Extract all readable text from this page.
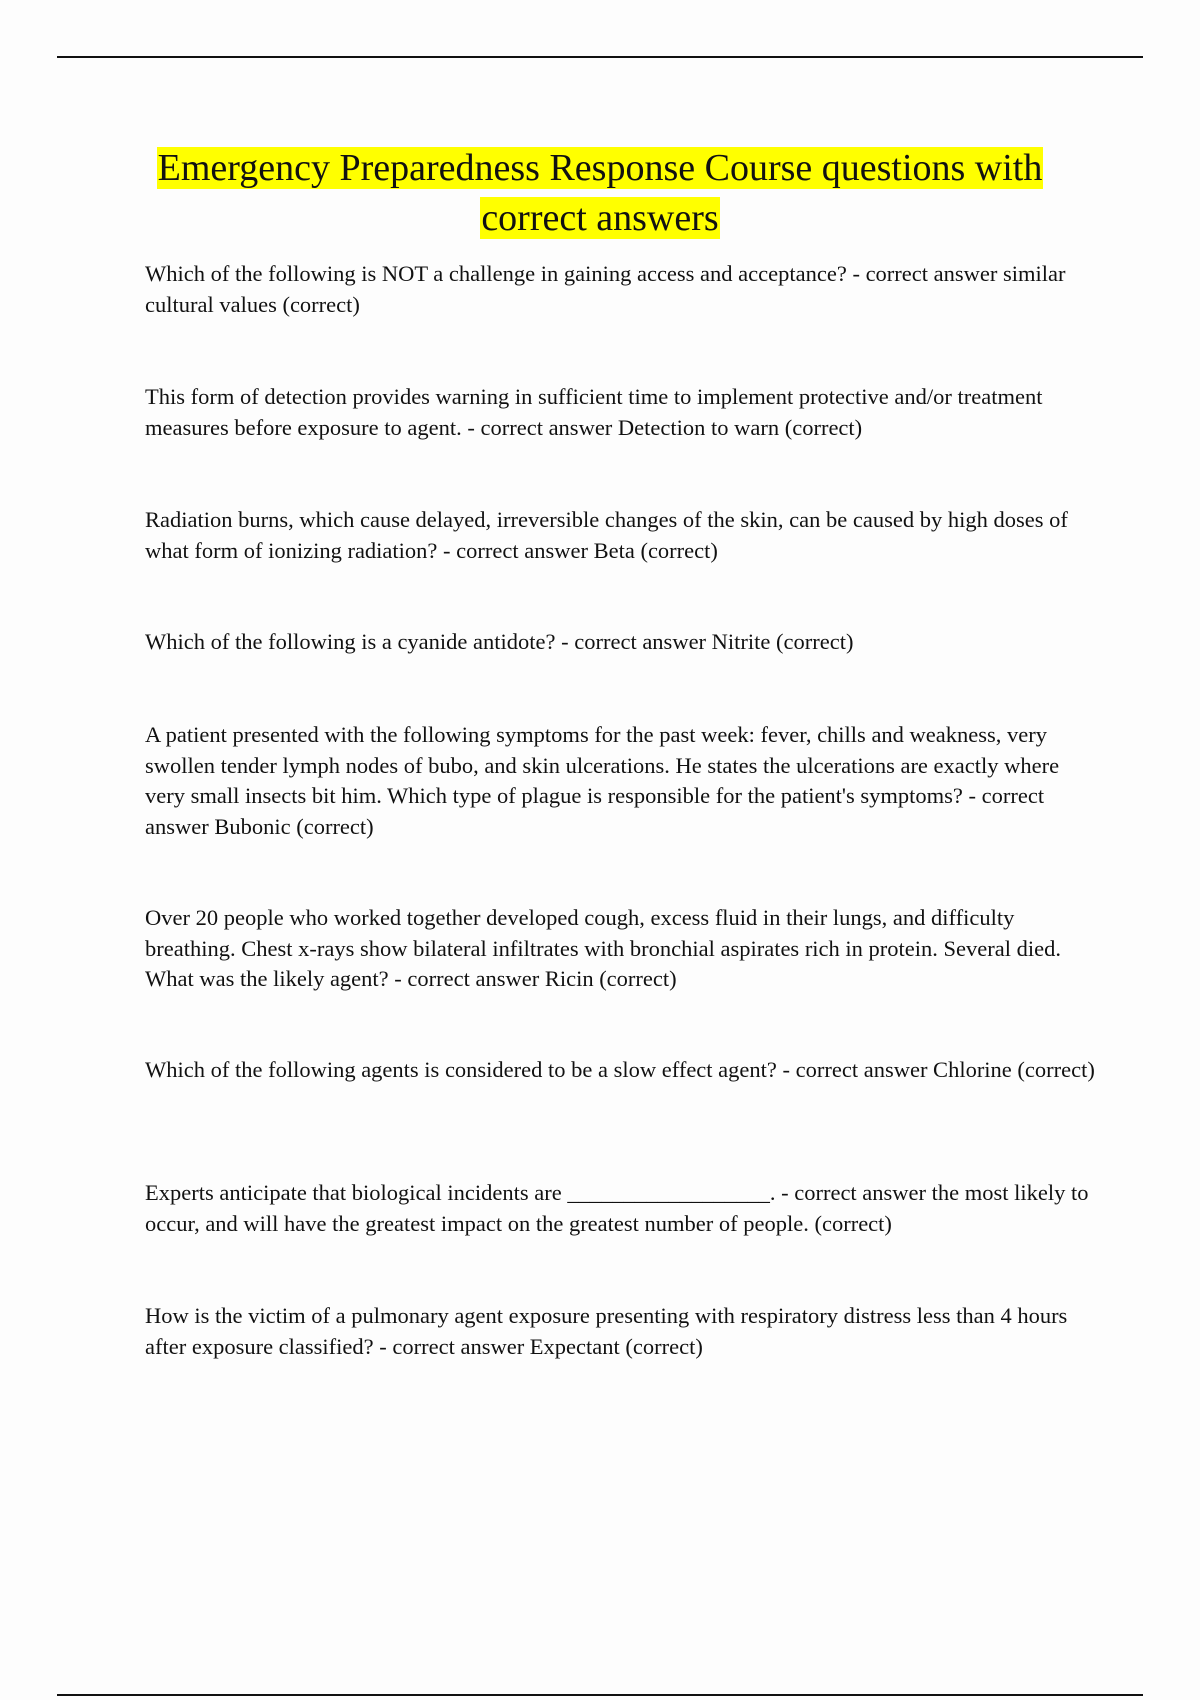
Emergency Preparedness Response Course questions with
correct answers

Which of the following is NOT a challenge in gaining access and acceptance? - correct answer similar cultural values (correct)

This form of detection provides warning in sufficient time to implement protective and/or treatment measures before exposure to agent. - correct answer Detection to warn (correct)

Radiation burns, which cause delayed, irreversible changes of the skin, can be caused by high doses of what form of ionizing radiation? - correct answer Beta (correct)

Which of the following is a cyanide antidote? - correct answer Nitrite (correct)

A patient presented with the following symptoms for the past week: fever, chills and weakness, very swollen tender lymph nodes of bubo, and skin ulcerations. He states the ulcerations are exactly where very small insects bit him. Which type of plague is responsible for the patient's symptoms? - correct answer Bubonic (correct)

Over 20 people who worked together developed cough, excess fluid in their lungs, and difficulty breathing. Chest x-rays show bilateral infiltrates with bronchial aspirates rich in protein. Several died. What was the likely agent? - correct answer Ricin (correct)

Which of the following agents is considered to be a slow effect agent? - correct answer Chlorine (correct)

Experts anticipate that biological incidents are __________________. - correct answer the most likely to occur, and will have the greatest impact on the greatest number of people. (correct)

How is the victim of a pulmonary agent exposure presenting with respiratory distress less than 4 hours after exposure classified? - correct answer Expectant (correct)
